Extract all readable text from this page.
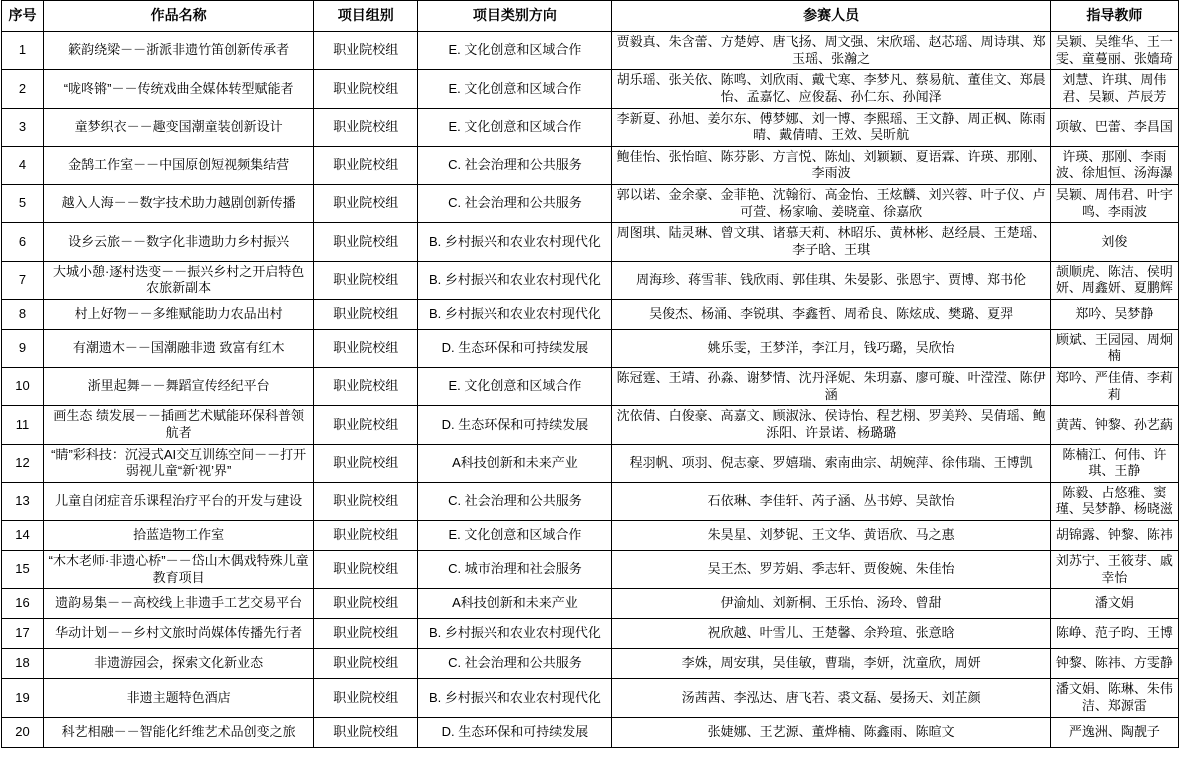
序号	作品名称	项目组别	项目类别方向	参赛人员	指导教师
1	簌韵绕梁－－浙派非遗竹笛创新传承者	职业院校组	E. 文化创意和区域合作	贾毅真、朱含蕾、方楚婷、唐飞扬、周文强、宋欣瑶、赵芯瑶、周诗琪、郑玉瑶、张瀚之	吴颖、吴维华、王一雯、童蔓丽、张嬙琦
2	“咙咚锵”－－传统戏曲全媒体转型赋能者	职业院校组	E. 文化创意和区域合作	胡乐瑶、张关依、陈鸣、刘欣雨、戴弋寒、李梦凡、蔡易航、董佳文、郑晨怡、孟嘉忆、应俊磊、孙仁东、孙闻泽	刘慧、许琪、周伟君、吴颖、芦辰芳
3	童梦织衣－－趣变国潮童装创新设计	职业院校组	E. 文化创意和区域合作	李新夏、孙旭、姜尔东、傅梦娜、刘一博、李熙瑶、王文静、周正枫、陈雨晴、戴倩晴、王效、吴昕航	项敏、巴蕾、李昌国
4	金鹄工作室－－中国原创短视频集结营	职业院校组	C. 社会治理和公共服务	鲍佳怡、张怡暄、陈芬影、方言悦、陈灿、刘颖颖、夏语霖、许瑛、那刚、李雨波	许瑛、那刚、李雨波、徐旭恒、汤海瀑
5	越入人海－－数字技术助力越剧创新传播	职业院校组	C. 社会治理和公共服务	郭以诺、金余豪、金菲艳、沈翰衍、高金怡、王炫麟、刘兴蓉、叶子仪、卢可萱、杨家喻、姜晓童、徐嘉欣	吴颖、周伟君、叶宇鸣、李雨波
6	设乡云旅－－数字化非遗助力乡村振兴	职业院校组	B. 乡村振兴和农业农村现代化	周图琪、陆灵琳、曾文琪、诸慕天莉、林昭乐、黄林彬、赵经晨、王楚瑶、李子晗、王琪	刘俊
7	大城小憩·逐村迭变－－振兴乡村之开启特色农旅新副本	职业院校组	B. 乡村振兴和农业农村现代化	周海珍、蒋雪菲、钱欣雨、郭佳琪、朱晏影、张恩宇、贾博、郑书伦	颉顺虎、陈洁、侯明妍、周鑫妍、夏鹏辉
8	村上好物－－多维赋能助力农品出村	职业院校组	B. 乡村振兴和农业农村现代化	吴俊杰、杨涌、李锐琪、李鑫哲、周希良、陈炫成、樊璐、夏羿	郑吟、吴梦静
9	有潮遗木－－国潮融非遗 致富有红木	职业院校组	D. 生态环保和可持续发展	姚乐雯，王梦洋，李江月，钱巧璐，吴欣怡	顾斌、王园园、周炯楠
10	浙里起舞－－舞蹈宣传经纪平台	职业院校组	E. 文化创意和区域合作	陈冠霆、王靖、孙淼、谢梦情、沈丹泽妮、朱玥嘉、廖可璇、叶滢滢、陈伊涵	郑吟、严佳倩、李莉莉
11	画生态 绩发展－－插画艺术赋能环保科普领航者	职业院校组	D. 生态环保和可持续发展	沈依倩、白俊豪、高嘉文、顾淑泳、侯诗怡、程艺栩、罗美羚、吴倩瑶、鲍泺阳、许景诺、杨璐璐	黄茜、钟黎、孙艺蒳
12	“睛”彩科技：沉浸式AI交互训练空间－－打开弱视儿童“新‘视’界”	职业院校组	A科技创新和未来产业	程羽帆、项羽、倪志豪、罗嬉瑞、索南曲宗、胡婉萍、徐伟瑞、王博凯	陈楠江、何伟、许琪、王静
13	儿童自闭症音乐课程治疗平台的开发与建设	职业院校组	C. 社会治理和公共服务	石依琳、李佳轩、芮子涵、丛书婷、吴歆怡	陈毅、占悠雅、窦瑾、吴梦静、杨晓滋
14	拾蓝造物工作室	职业院校组	E. 文化创意和区域合作	朱昊星、刘梦铌、王文华、黄语欣、马之惠	胡锦露、钟黎、陈祎
15	“木木老师·非遗心桥”－－岱山木偶戏特殊儿童教育项目	职业院校组	C. 城市治理和社会服务	吴王杰、罗芳娟、季志轩、贾俊婉、朱佳怡	刘苏宁、王筱芽、戚幸怡
16	遗韵易集－－高校线上非遗手工艺交易平台	职业院校组	A科技创新和未来产业	伊渝灿、刘新桐、王乐怡、汤玲、曾甜	潘文娟
17	华动计划－－乡村文旅时尚媒体传播先行者	职业院校组	B. 乡村振兴和农业农村现代化	祝欣越、叶雪儿、王楚馨、余羚瑄、张意晗	陈峥、范子昀、王博
18	非遗游园会，探索文化新业态	职业院校组	C. 社会治理和公共服务	李姝，周安琪，吴佳敏，曹瑞，李妍，沈童欣，周妍	钟黎、陈祎、方雯静
19	非遗主题特色酒店	职业院校组	B. 乡村振兴和农业农村现代化	汤茜茜、李泓达、唐飞若、裘文磊、晏扬天、刘芷颜	潘文娟、陈琳、朱伟洁、郑源雷
20	科艺相融－－智能化纤维艺术品创变之旅	职业院校组	D. 生态环保和可持续发展	张婕娜、王艺源、董烨楠、陈鑫雨、陈暄文	严逸洲、陶靓子
